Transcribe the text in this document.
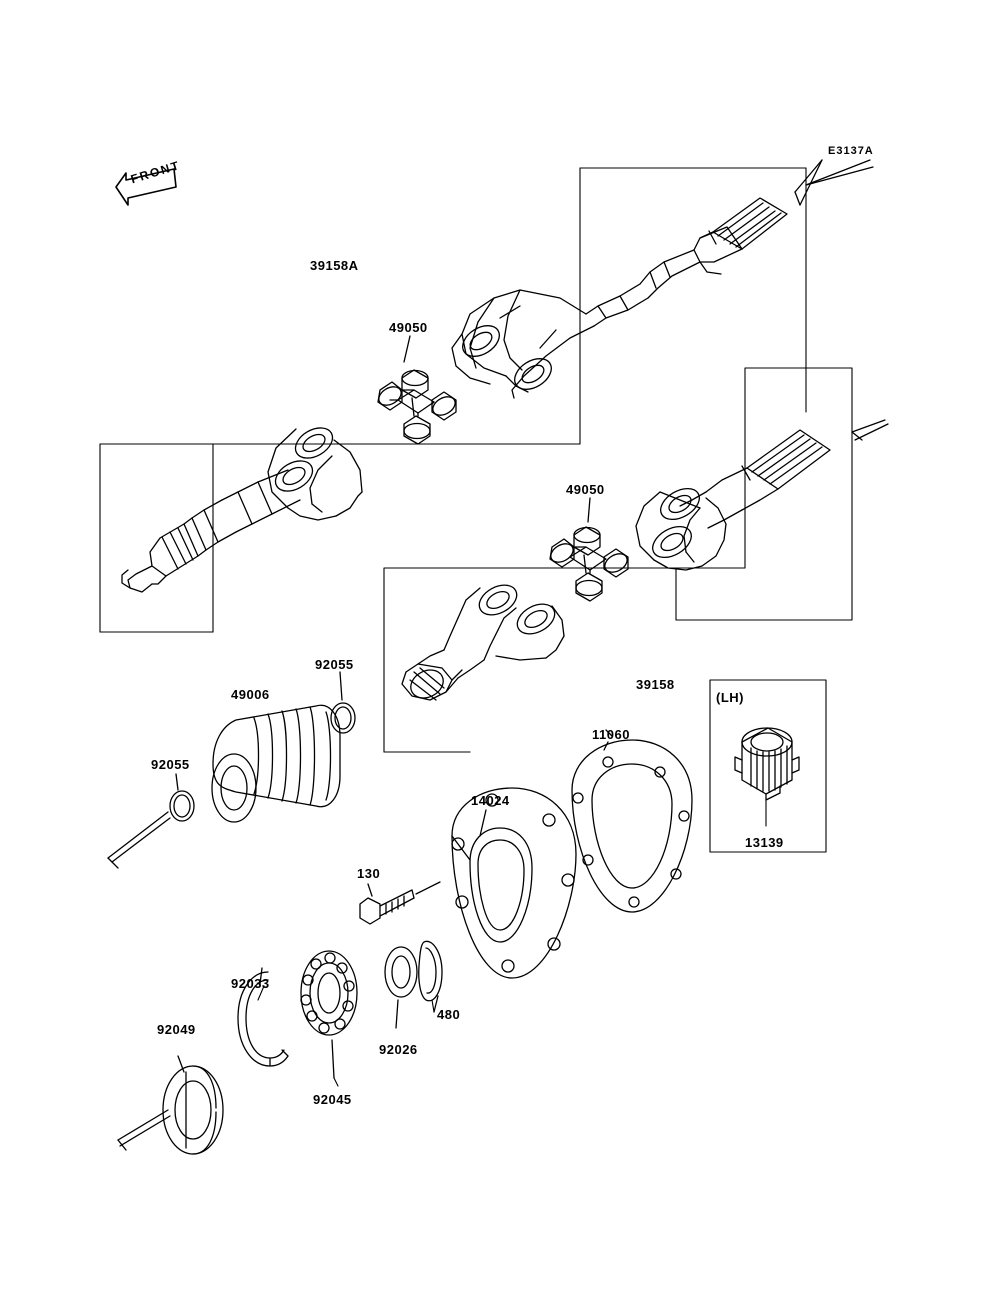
FRONT
E3137A
39158A
49050
49050
39158
92055
49006
92055
11060
14024
130
480
92026
92033
92045
92049
13139
(LH)
